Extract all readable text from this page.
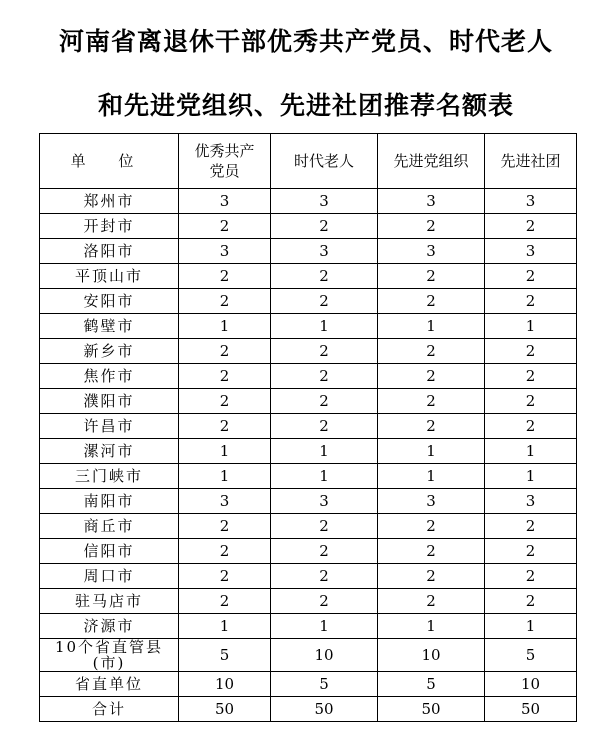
河南省离退休干部优秀共产党员、时代老人
和先进党组织、先进社团推荐名额表
单 位	优秀共产党员	时代老人	先进党组织	先进社团
郑州市	3	3	3	3
开封市	2	2	2	2
洛阳市	3	3	3	3
平顶山市	2	2	2	2
安阳市	2	2	2	2
鹤壁市	1	1	1	1
新乡市	2	2	2	2
焦作市	2	2	2	2
濮阳市	2	2	2	2
许昌市	2	2	2	2
漯河市	1	1	1	1
三门峡市	1	1	1	1
南阳市	3	3	3	3
商丘市	2	2	2	2
信阳市	2	2	2	2
周口市	2	2	2	2
驻马店市	2	2	2	2
济源市	1	1	1	1
10个省直管县(市)	5	10	10	5
省直单位	10	5	5	10
合计	50	50	50	50
